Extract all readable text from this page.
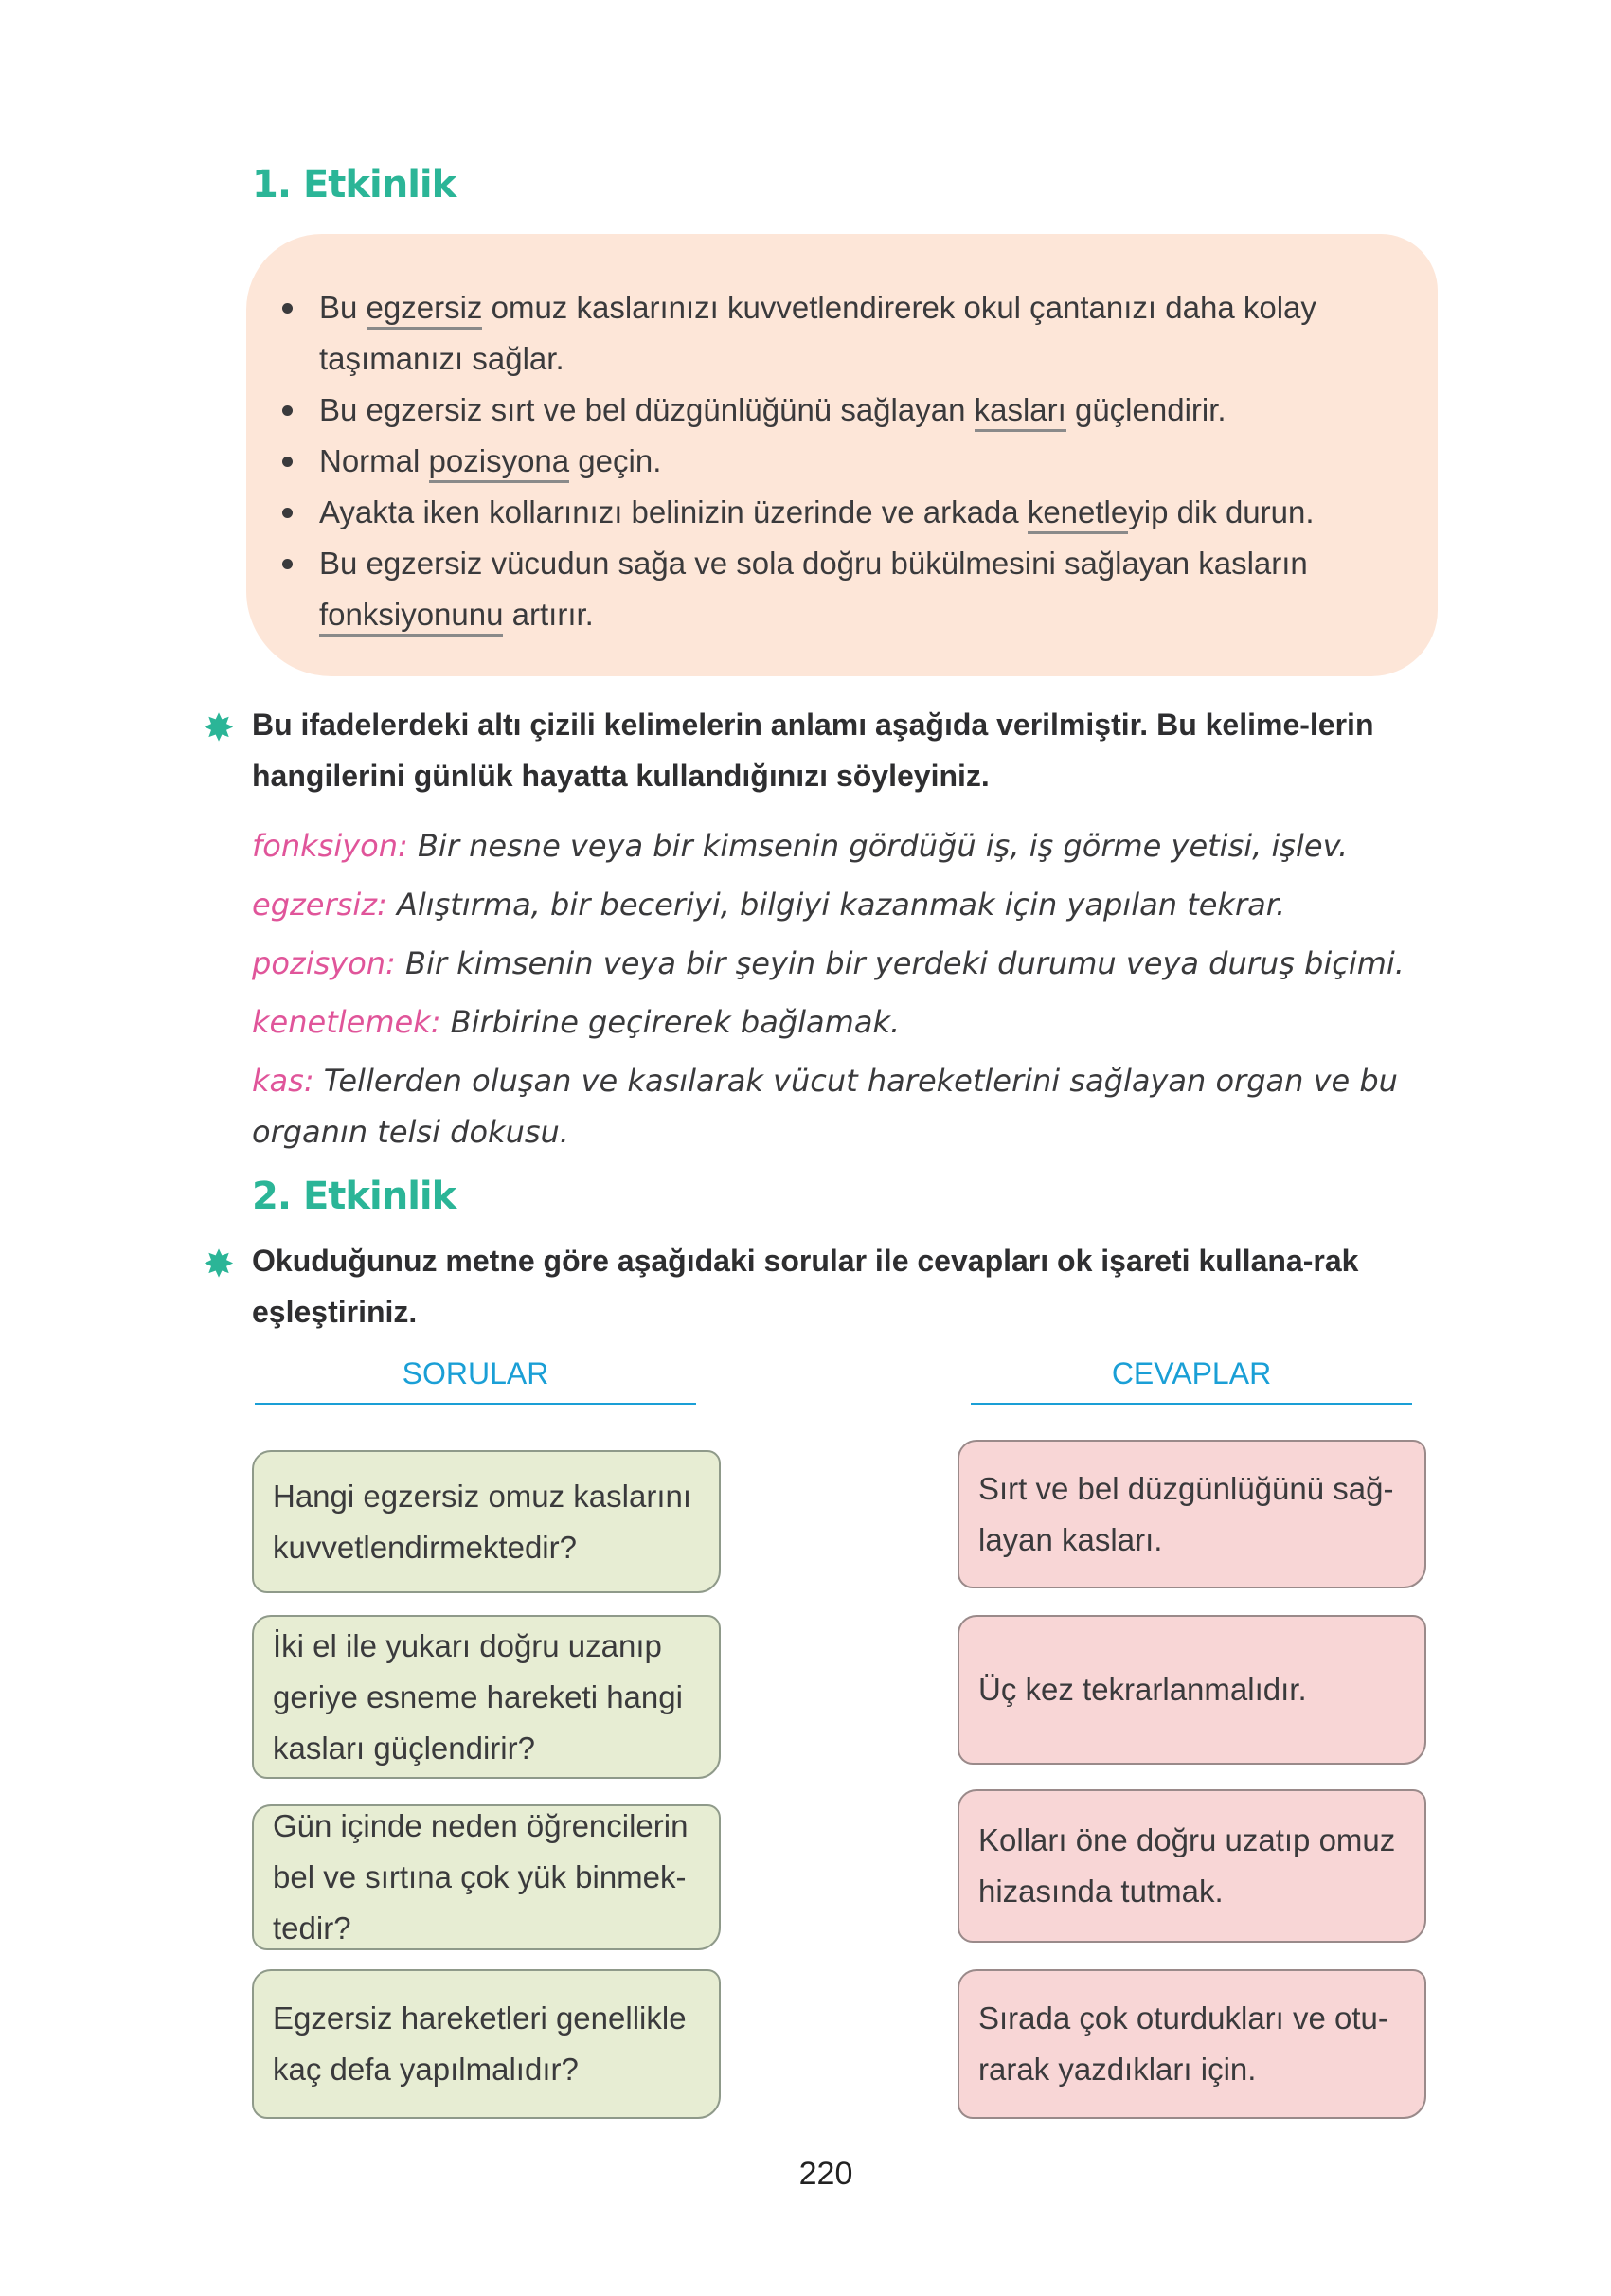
1. Etkinlik
Bu egzersiz omuz kaslarınızı kuvvetlendirerek okul çantanızı daha kolay taşımanızı sağlar.
Bu egzersiz sırt ve bel düzgünlüğünü sağlayan kasları güçlendirir.
Normal pozisyona geçin.
Ayakta iken kollarınızı belinizin üzerinde ve arkada kenetleyip dik durun.
Bu egzersiz vücudun sağa ve sola doğru bükülmesini sağlayan kasların fonksiyonunu artırır.
✸ Bu ifadelerdeki altı çizili kelimelerin anlamı aşağıda verilmiştir. Bu kelime-lerin hangilerini günlük hayatta kullandığınızı söyleyiniz.

fonksiyon: Bir nesne veya bir kimsenin gördüğü iş, iş görme yetisi, işlev.

egzersiz: Alıştırma, bir beceriyi, bilgiyi kazanmak için yapılan tekrar.

pozisyon: Bir kimsenin veya bir şeyin bir yerdeki durumu veya duruş biçimi.

kenetlemek: Birbirine geçirerek bağlamak.

kas: Tellerden oluşan ve kasılarak vücut hareketlerini sağlayan organ ve bu organın telsi dokusu.

2. Etkinlik
✸ Okuduğunuz metne göre aşağıdaki sorular ile cevapları ok işareti kullana-rak eşleştiriniz.
SORULAR	CEVAPLAR
Hangi egzersiz omuz kaslarını kuvvetlendirmektedir?
İki el ile yukarı doğru uzanıp geriye esneme hareketi hangi kasları güçlendirir?
Gün içinde neden öğrencilerin bel ve sırtına çok yük binmek-tedir?
Egzersiz hareketleri genellikle kaç defa yapılmalıdır?
Sırt ve bel düzgünlüğünü sağ-layan kasları.
Üç kez tekrarlanmalıdır.
Kolları öne doğru uzatıp omuz hizasında tutmak.
Sırada çok oturdukları ve otu-rarak yazdıkları için.
220
